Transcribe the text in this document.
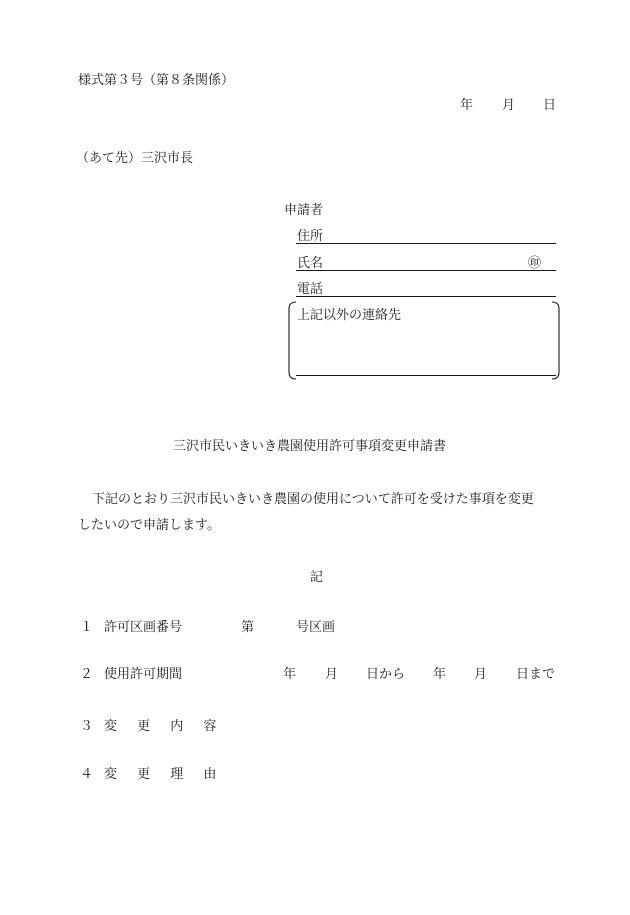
様式第３号（第８条関係）
年 月 日
（あて先）三沢市長
申請者
住所
氏名	㊞
電話
上記以外の連絡先
三沢市民いきいき農園使用許可事項変更申請書
下記のとおり三沢市民いきいき農園の使用について許可を受けた事項を変更
したいので申請します。
記
１ 許可区画番号	第	号区画
２ 使用許可期間	年 月 日から 年 月 日まで
３ 変 更 内 容
４ 変 更 理 由
